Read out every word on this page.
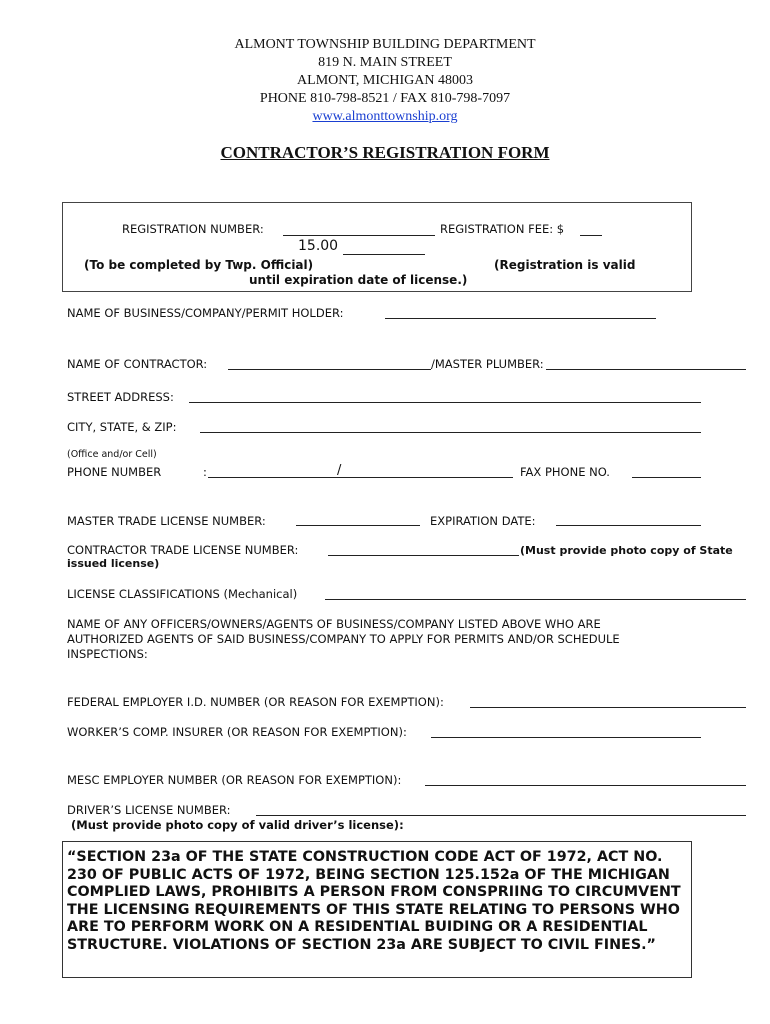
ALMONT TOWNSHIP BUILDING DEPARTMENT
819 N. MAIN STREET
ALMONT, MICHIGAN 48003
PHONE 810-798-8521 / FAX 810-798-7097
www.almonttownship.org
CONTRACTOR’S REGISTRATION FORM
REGISTRATION NUMBER:	REGISTRATION FEE: $
15.00
(To be completed by Twp. Official)	(Registration is valid
until expiration date of license.)
NAME OF BUSINESS/COMPANY/PERMIT HOLDER:
NAME OF CONTRACTOR:	/MASTER PLUMBER:
STREET ADDRESS:
CITY, STATE, & ZIP:
(Office and/or Cell)
PHONE NUMBER	:	/	FAX PHONE NO.
MASTER TRADE LICENSE NUMBER:	EXPIRATION DATE:
CONTRACTOR TRADE LICENSE NUMBER:	(Must provide photo copy of State
issued license)
LICENSE CLASSIFICATIONS (Mechanical)
NAME OF ANY OFFICERS/OWNERS/AGENTS OF BUSINESS/COMPANY LISTED ABOVE WHO ARE
AUTHORIZED AGENTS OF SAID BUSINESS/COMPANY TO APPLY FOR PERMITS AND/OR SCHEDULE
INSPECTIONS:
FEDERAL EMPLOYER I.D. NUMBER (OR REASON FOR EXEMPTION):
WORKER’S COMP. INSURER (OR REASON FOR EXEMPTION):
MESC EMPLOYER NUMBER (OR REASON FOR EXEMPTION):
DRIVER’S LICENSE NUMBER:
(Must provide photo copy of valid driver’s license):
“SECTION 23a OF THE STATE CONSTRUCTION CODE ACT OF 1972, ACT NO. 230 OF PUBLIC ACTS OF 1972, BEING SECTION 125.152a OF THE MICHIGAN COMPLIED LAWS, PROHIBITS A PERSON FROM CONSPRIING TO CIRCUMVENT THE LICENSING REQUIREMENTS OF THIS STATE RELATING TO PERSONS WHO ARE TO PERFORM WORK ON A RESIDENTIAL BUIDING OR A RESIDENTIAL STRUCTURE. VIOLATIONS OF SECTION 23a ARE SUBJECT TO CIVIL FINES.”
